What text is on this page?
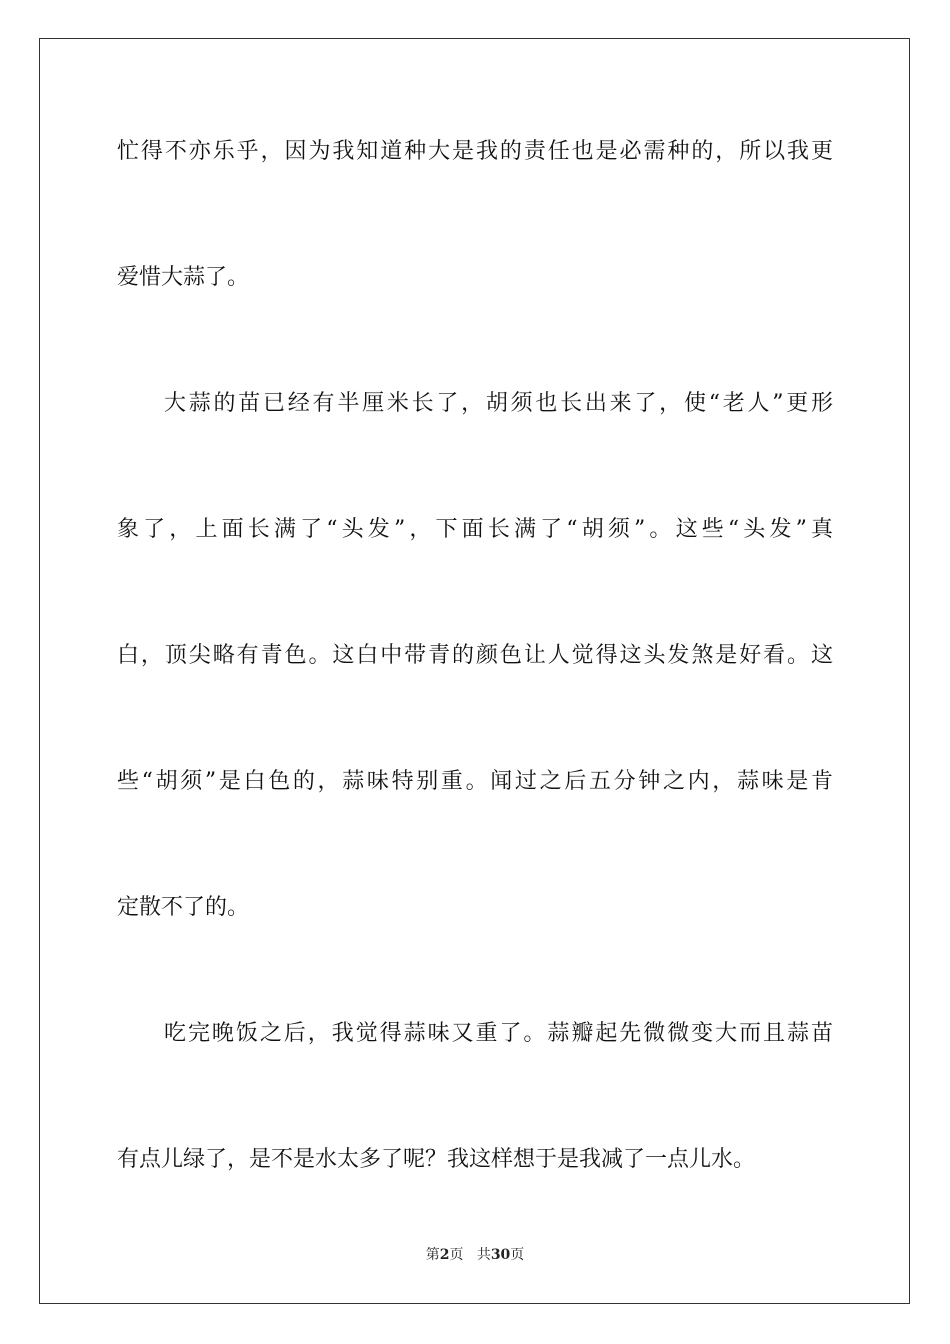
忙得不亦乐乎，因为我知道种大是我的责任也是必需种的，所以我更
爱惜大蒜了。
大蒜的苗已经有半厘米长了，胡须也长出来了，使“老人”更形
象了，上面长满了“头发”，下面长满了“胡须”。这些“头发”真
白，顶尖略有青色。这白中带青的颜色让人觉得这头发煞是好看。这
些“胡须”是白色的，蒜味特别重。闻过之后五分钟之内，蒜味是肯
定散不了的。
吃完晚饭之后，我觉得蒜味又重了。蒜瓣起先微微变大而且蒜苗
有点儿绿了，是不是水太多了呢？我这样想于是我减了一点儿水。
第2页 共30页
